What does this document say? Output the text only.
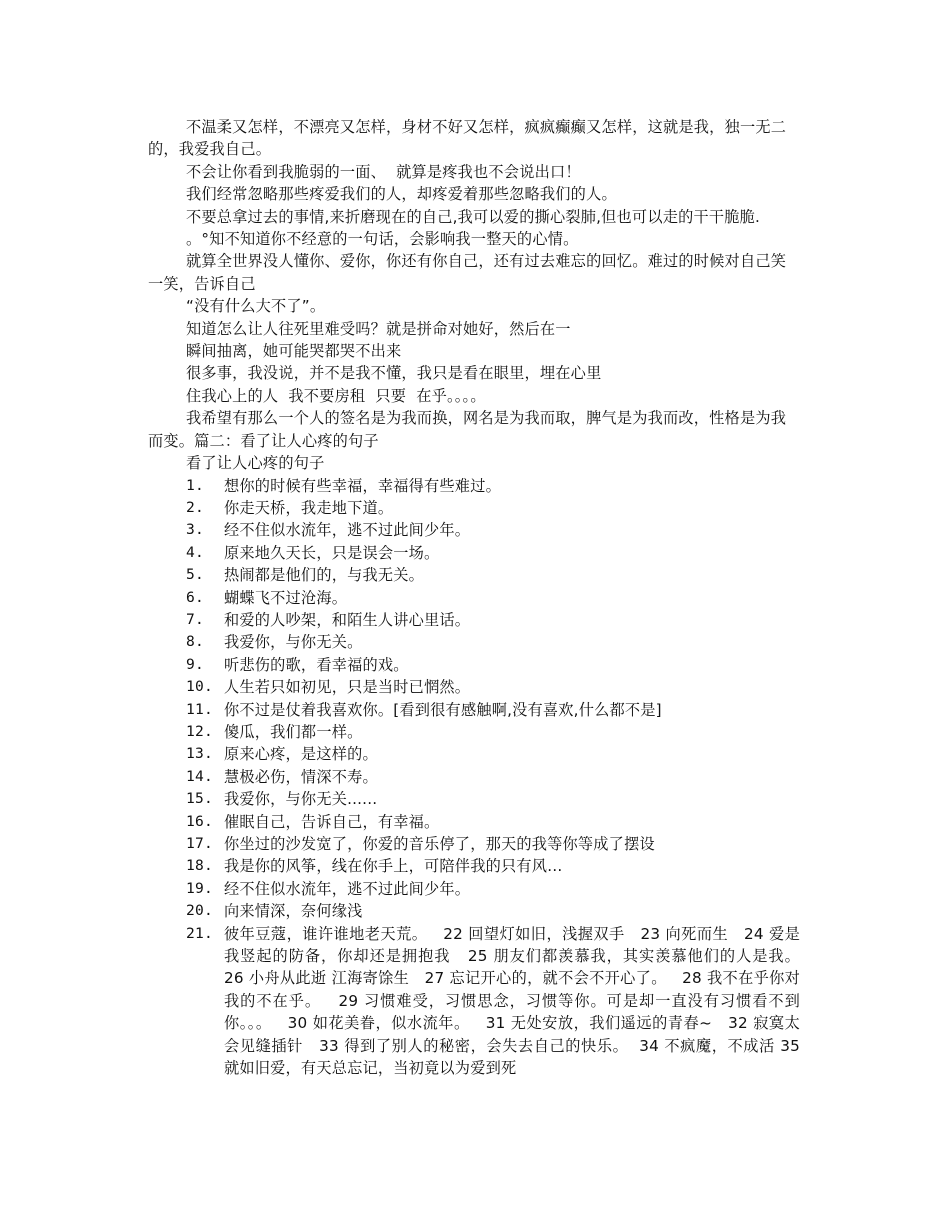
不温柔又怎样，不漂亮又怎样，身材不好又怎样，疯疯癫癫又怎样，这就是我，独一无二的，我爱我自己。

不会让你看到我脆弱的一面、  就算是疼我也不会说出口！

我们经常忽略那些疼爱我们的人，却疼爱着那些忽略我们的人。

不要总拿过去的事情,来折磨现在的自己,我可以爱的撕心裂肺,但也可以走的干干脆脆.

。°知不知道你不经意的一句话，会影响我一整天的心情。

就算全世界没人懂你、爱你，你还有你自己，还有过去难忘的回忆。难过的时候对自己笑一笑，告诉自己

“没有什么大不了”。

知道怎么让人往死里难受吗？就是拼命对她好，然后在一

瞬间抽离，她可能哭都哭不出来

很多事，我没说，并不是我不懂，我只是看在眼里，埋在心里

住我心上的人  我不要房租  只要  在乎。。。。

我希望有那么一个人的签名是为我而换，网名是为我而取，脾气是为我而改，性格是为我而变。篇二：看了让人心疼的句子

看了让人心疼的句子

1.	想你的时候有些幸福，幸福得有些难过。
2.	你走天桥，我走地下道。
3.	经不住似水流年，逃不过此间少年。
4.	原来地久天长，只是误会一场。
5.	热闹都是他们的，与我无关。
6.	蝴蝶飞不过沧海。
7.	和爱的人吵架，和陌生人讲心里话。
8.	我爱你，与你无关。
9.	听悲伤的歌，看幸福的戏。
10. 人生若只如初见，只是当时已惘然。
11. 你不过是仗着我喜欢你。[看到很有感触啊,没有喜欢,什么都不是]
12. 傻瓜，我们都一样。
13. 原来心疼，是这样的。
14. 慧极必伤，情深不寿。
15. 我爱你，与你无关......
16. 催眠自己，告诉自己，有幸福。
17. 你坐过的沙发宽了，你爱的音乐停了，那天的我等你等成了摆设
18. 我是你的风筝，线在你手上，可陪伴我的只有风…
19. 经不住似水流年，逃不过此间少年。
20. 向来情深，奈何缘浅
21. 彼年豆蔻，谁许谁地老天荒。   22 回望灯如旧，浅握双手   23 向死而生   24 爱是我竖起的防备，你却还是拥抱我   25 朋友们都羡慕我，其实羡慕他们的人是我。   26 小舟从此逝 江海寄馀生   27 忘记开心的，就不会不开心了。   28 我不在乎你对我的不在乎。   29 习惯难受，习惯思念，习惯等你。可是却一直没有习惯看不到你。。。   30 如花美眷，似水流年。   31 无处安放，我们遥远的青春~   32 寂寞太会见缝插针   33 得到了别人的秘密，会失去自己的快乐。  34 不疯魔，不成活 35 就如旧爱，有天总忘记，当初竟以为爱到死
